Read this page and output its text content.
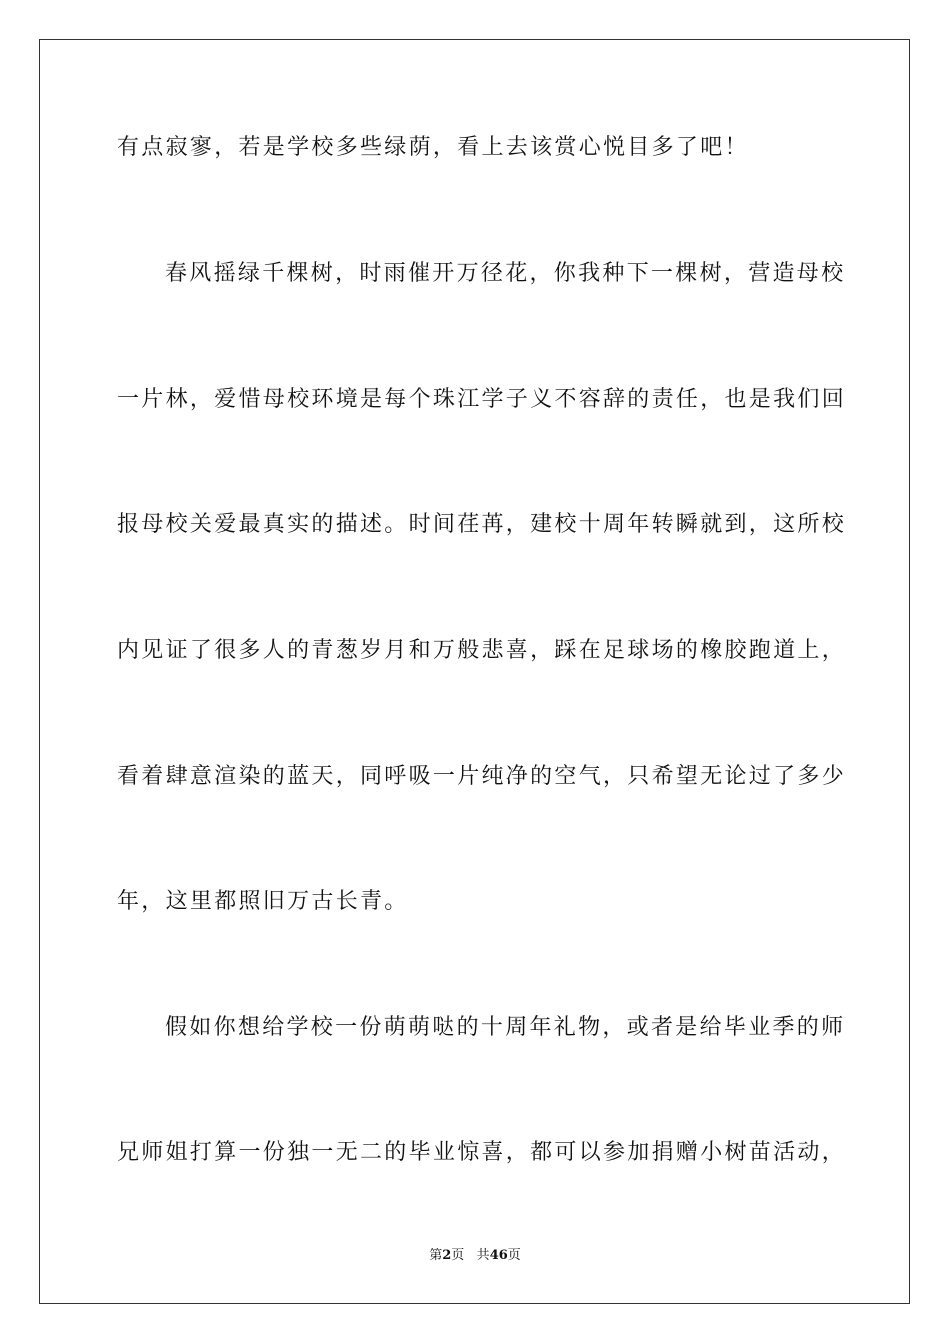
有点寂寥，若是学校多些绿荫，看上去该赏心悦目多了吧！
春风摇绿千棵树，时雨催开万径花，你我种下一棵树，营造母校
一片林，爱惜母校环境是每个珠江学子义不容辞的责任，也是我们回
报母校关爱最真实的描述。时间荏苒，建校十周年转瞬就到，这所校
内见证了很多人的青葱岁月和万般悲喜，踩在足球场的橡胶跑道上，
看着肆意渲染的蓝天，同呼吸一片纯净的空气，只希望无论过了多少
年，这里都照旧万古长青。
假如你想给学校一份萌萌哒的十周年礼物，或者是给毕业季的师
兄师姐打算一份独一无二的毕业惊喜，都可以参加捐赠小树苗活动，
第2页 共46页
